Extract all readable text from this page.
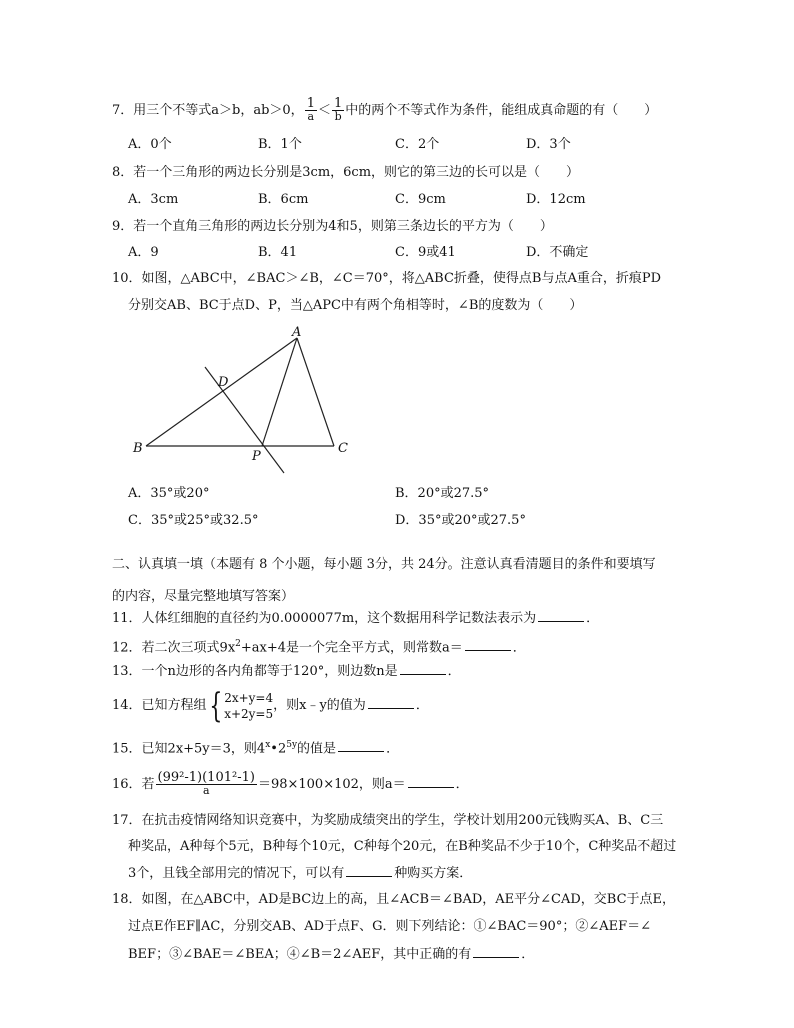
7．用三个不等式a＞b，ab＞0， $\frac{1}{a} < \frac{1}{b}$ 中的两个不等式作为条件，能组成真命题的有（　　）
A．0个	B．1个	C．2个	D．3个
8．若一个三角形的两边长分别是3cm，6cm，则它的第三边的长可以是（　　）
A．3cm	B．6cm	C．9cm	D．12cm
9．若一个直角三角形的两边长分别为4和5，则第三条边长的平方为（　　）
A．9	B．41	C．9或41	D．不确定
10．如图，△ABC中，∠BAC＞∠B，∠C＝70°，将△ABC折叠，使得点B与点A重合，折痕PD
分别交AB、BC于点D、P，当△APC中有两个角相等时，∠B的度数为（　　）
A
B	C
D
P
A．35°或20°	B．20°或27.5°
C．35°或25°或32.5°	D．35°或20°或27.5°
二、认真填一填（本题有 8 个小题，每小题 3分，共 24分。注意认真看清题目的条件和要填写
的内容，尽量完整地填写答案）
11．人体红细胞的直径约为0.0000077m，这个数据用科学记数法表示为	．
12．若二次三项式$9x^2+ax+4$是一个完全平方式，则常数a＝	．
13．一个n边形的各内角都等于120°，则边数n是	．
14．已知方程组{ 2x+y=4
x+2y=5
，则x﹣y的值为	．
15．已知2x+5y＝3，则$4^x•2^{5y}$的值是	．
16．若 $\frac{\text{(99²-1)(101²-1)}}{a} =98\times 100\times 102$，则a＝	．
17．在抗击疫情网络知识竞赛中，为奖励成绩突出的学生，学校计划用200元钱购买A、B、C三
种奖品，A种每个5元，B种每个10元，C种每个20元，在B种奖品不少于10个，C种奖品不超过
3个，且钱全部用完的情况下，可以有	种购买方案．
18．如图，在△ABC中，AD是BC边上的高，且∠ACB＝∠BAD，AE平分∠CAD，交BC于点E，
过点E作EF∥AC，分别交AB、AD于点F、G．则下列结论：①∠BAC＝90°；②∠AEF＝∠
BEF；③∠BAE＝∠BEA；④∠B＝2∠AEF，其中正确的有	．
